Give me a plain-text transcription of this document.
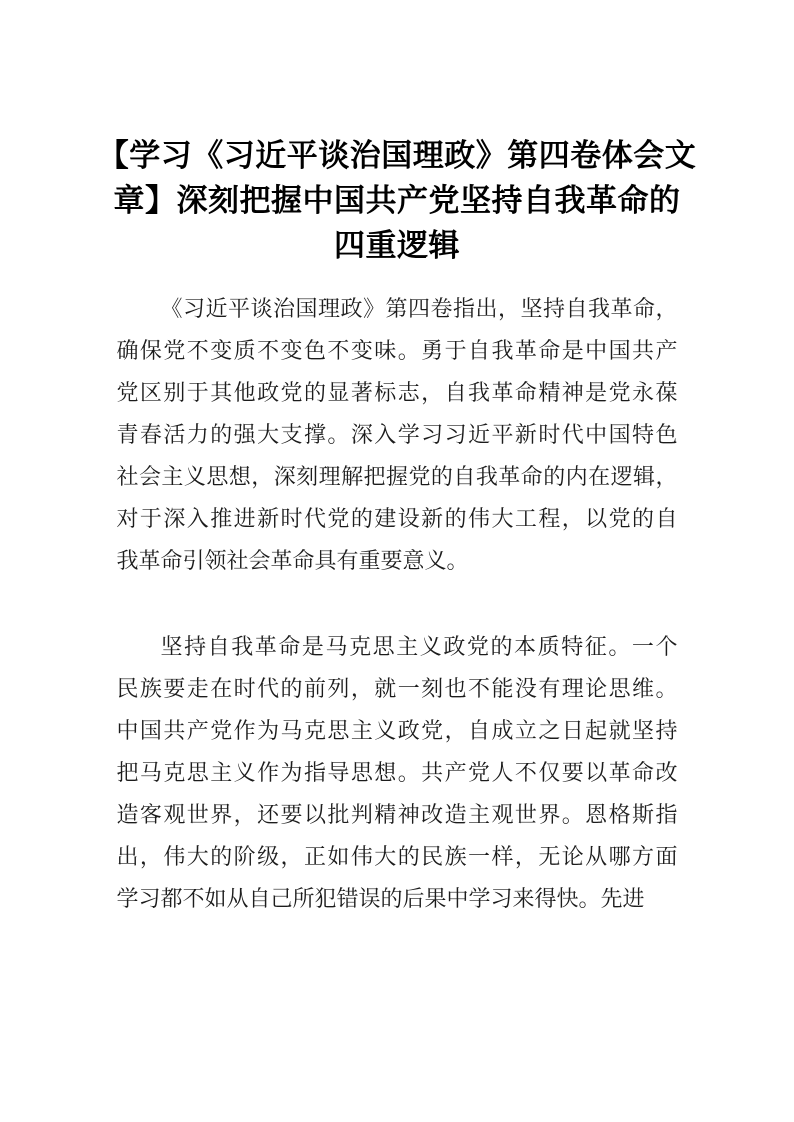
【学习《习近平谈治国理政》第四卷体会文
章】深刻把握中国共产党坚持自我革命的
四重逻辑
《习近平谈治国理政》第四卷指出，坚持自我革命，
确保党不变质不变色不变味。勇于自我革命是中国共产
党区别于其他政党的显著标志，自我革命精神是党永葆
青春活力的强大支撑。深入学习习近平新时代中国特色
社会主义思想，深刻理解把握党的自我革命的内在逻辑，
对于深入推进新时代党的建设新的伟大工程，以党的自
我革命引领社会革命具有重要意义。
坚持自我革命是马克思主义政党的本质特征。一个
民族要走在时代的前列，就一刻也不能没有理论思维。
中国共产党作为马克思主义政党，自成立之日起就坚持
把马克思主义作为指导思想。共产党人不仅要以革命改
造客观世界，还要以批判精神改造主观世界。恩格斯指
出，伟大的阶级，正如伟大的民族一样，无论从哪方面
学习都不如从自己所犯错误的后果中学习来得快。先进
